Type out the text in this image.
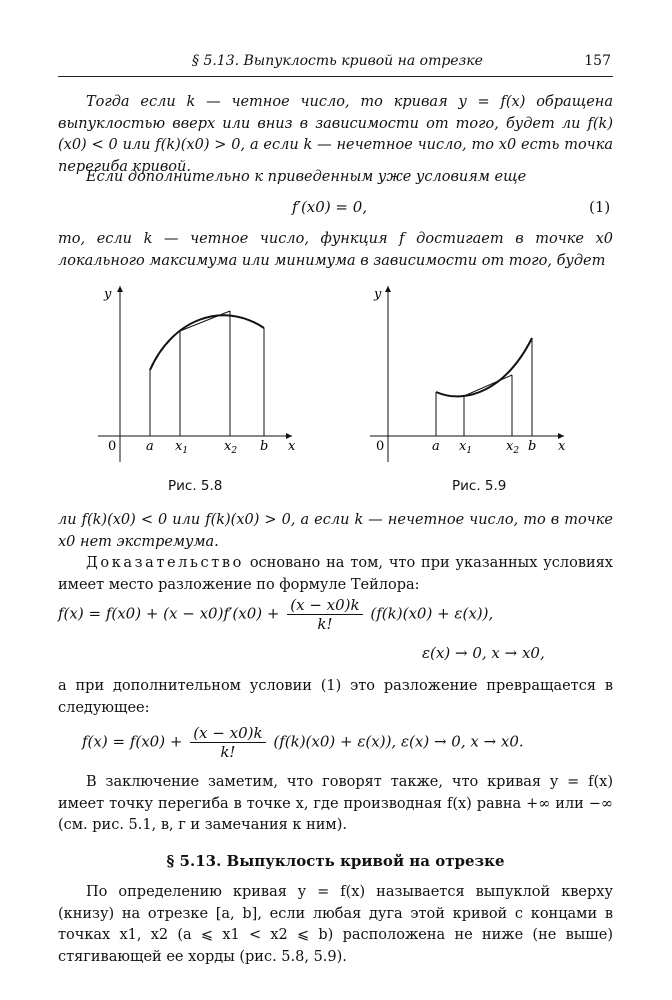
§ 5.13. Выпуклость кривой на отрезке	157

Тогда если k — четное число, то кривая y = f(x) обращена выпуклостью вверх или вниз в зависимости от того, будет ли f(k)(x0) < 0 или f(k)(x0) > 0, а если k — нечетное число, то x0 есть точка перегиба кривой.

Если дополнительно к приведенным уже условиям еще

f′(x0) = 0,	(1)

то, если k — четное число, функция f достигает в точке x0 локального максимума или минимума в зависимости от того, будет

y
x
0 a $x_1$	$x_2$ b
Рис. 5.8
y
x
0	a $x_1$	$x_2$ b
Рис. 5.9

ли f(k)(x0) < 0 или f(k)(x0) > 0, а если k — нечетное число, то в точке x0 нет экстремума.

Доказательство основано на том, что при указанных условиях имеет место разложение по формуле Тейлора:

$f(x) = f(x0) + (x - x0)f'(x0) + \frac{(x - x0)k}{k!} (f(k)(x0) + \varepsilon(x))$,
ε(x) → 0, x → x0,

а при дополнительном условии (1) это разложение превращается в следующее:

$f(x) = f(x0) + \frac{(x - x0)k}{k!} (f(k)(x0) + \varepsilon(x))$, ε(x) → 0, x → x0.

В заключение заметим, что говорят также, что кривая y = f(x) имеет точку перегиба в точке x, где производная f(x) равна +∞ или −∞ (см. рис. 5.1, в, г и замечания к ним).

§ 5.13. Выпуклость кривой на отрезке

По определению кривая y = f(x) называется выпуклой кверху (книзу) на отрезке [a, b], если любая дуга этой кривой с концами в точках x1, x2 (a ⩽ x1 < x2 ⩽ b) расположена не ниже (не выше) стягивающей ее хорды (рис. 5.8, 5.9).
